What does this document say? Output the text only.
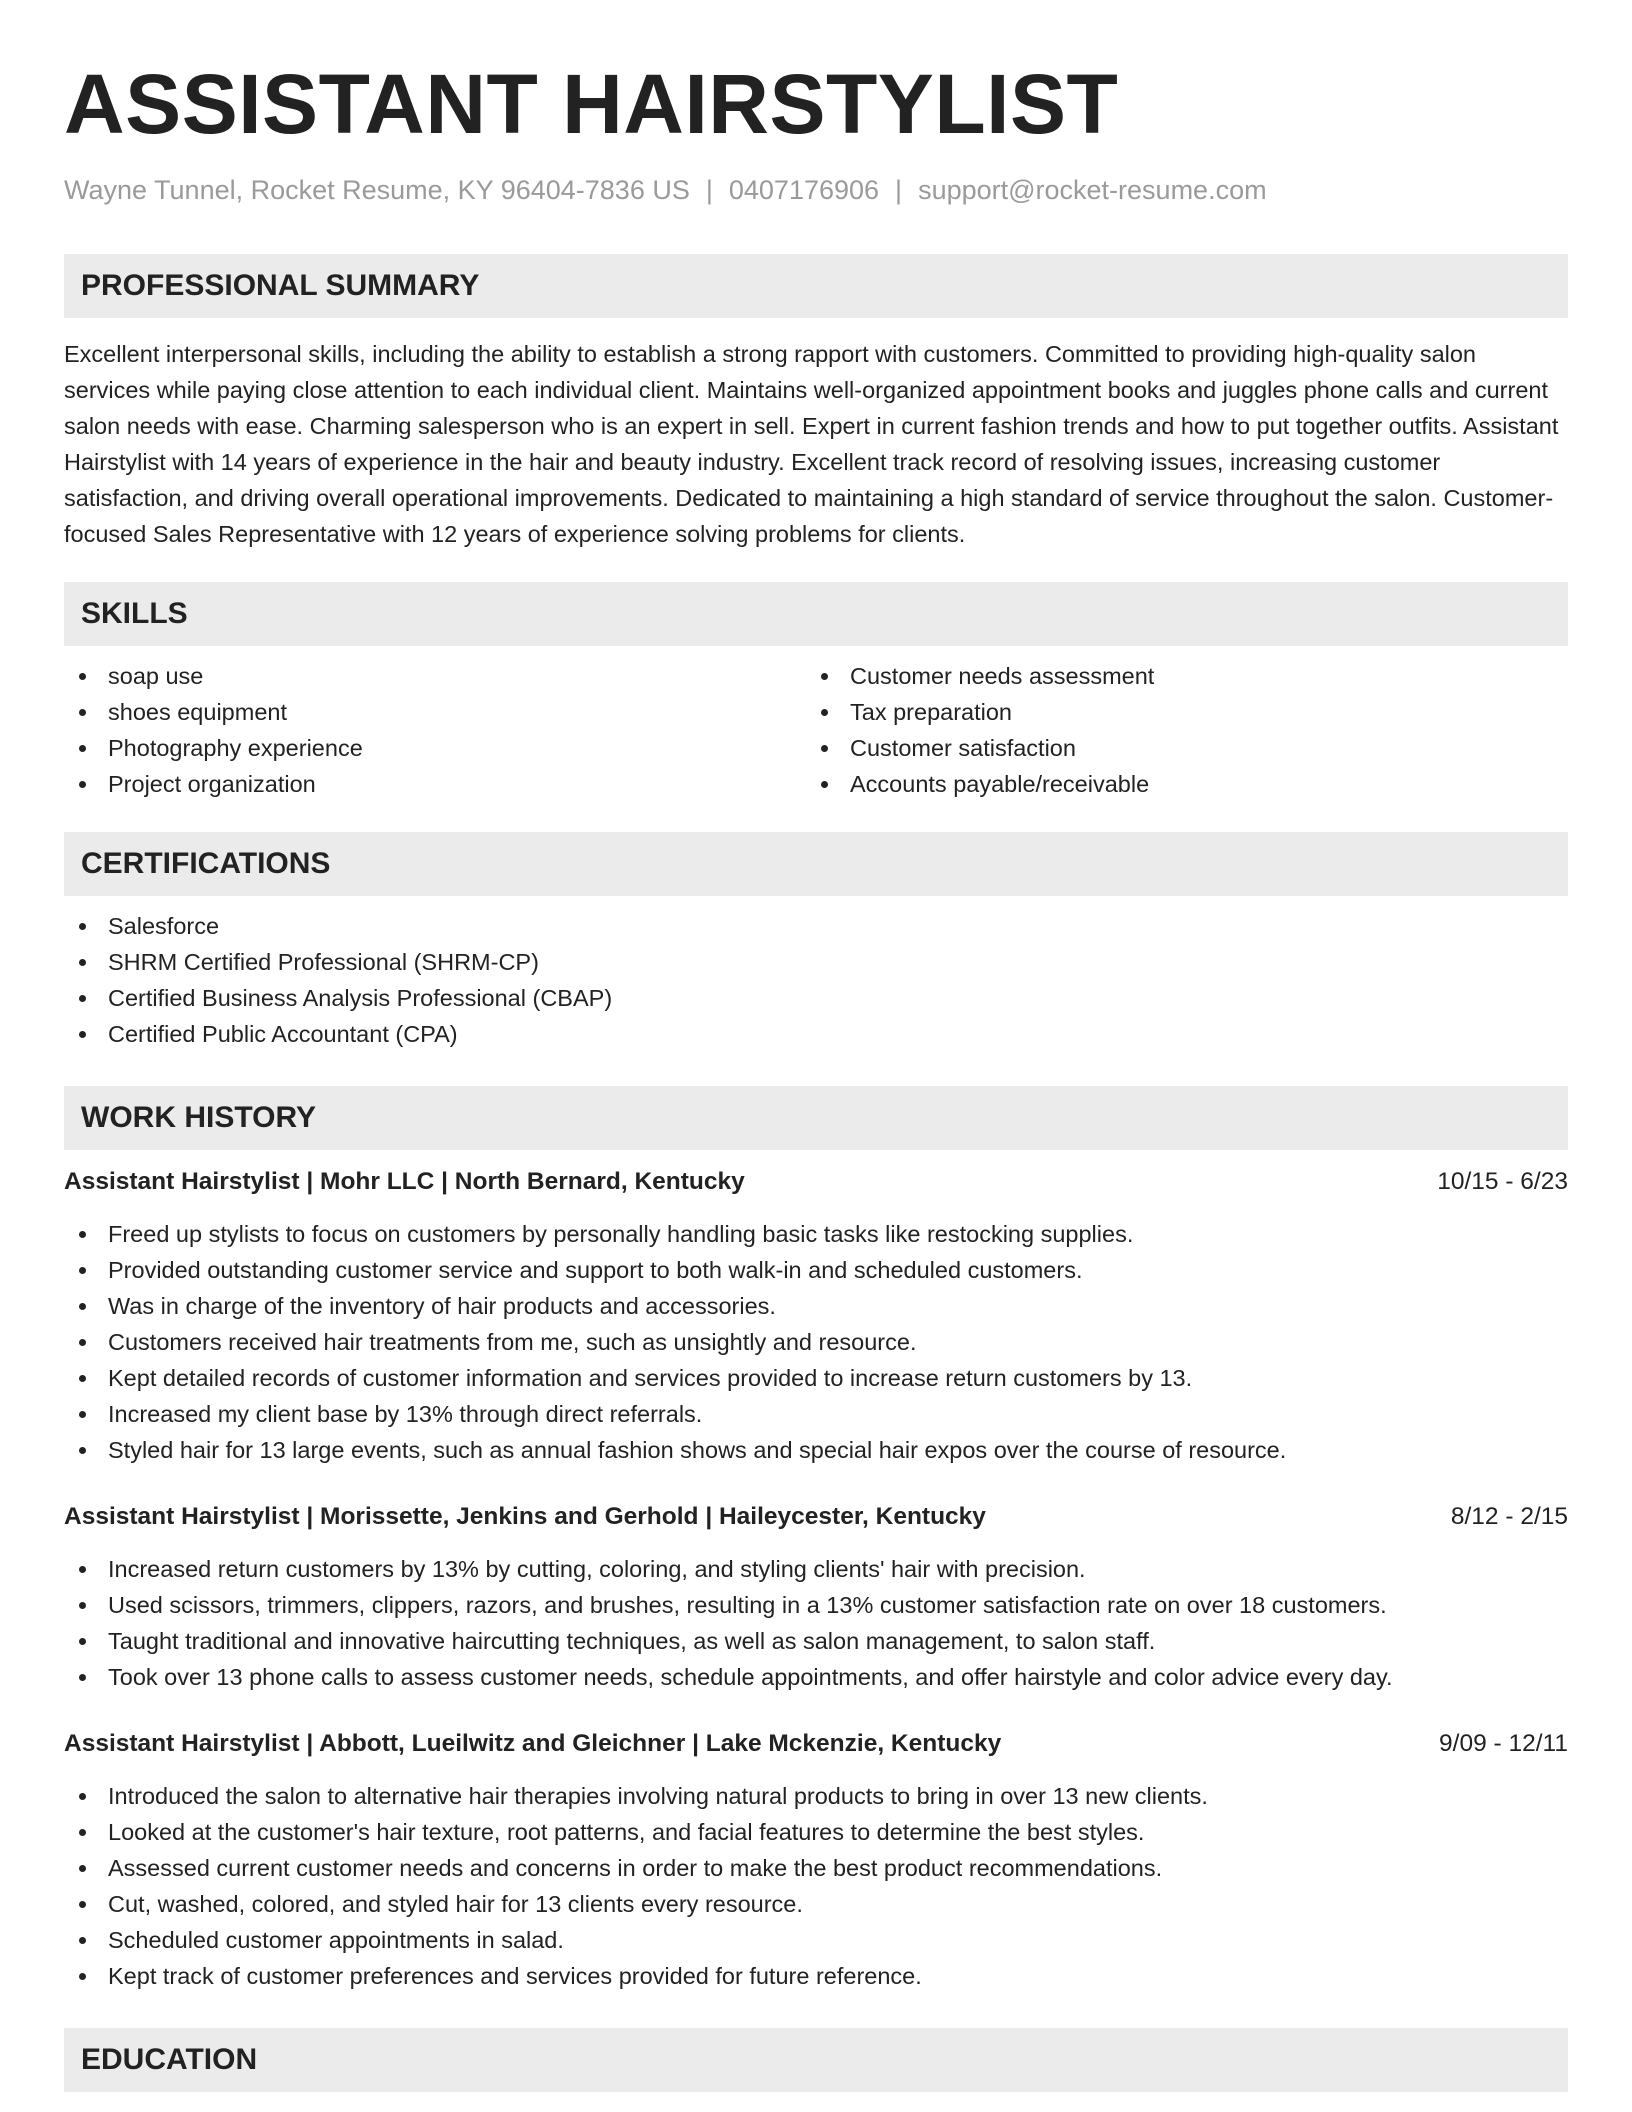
ASSISTANT HAIRSTYLIST
Wayne Tunnel, Rocket Resume, KY 96404-7836 US | 0407176906 | support@rocket-resume.com
PROFESSIONAL SUMMARY

Excellent interpersonal skills, including the ability to establish a strong rapport with customers. Committed to providing high-quality salon services while paying close attention to each individual client. Maintains well-organized appointment books and juggles phone calls and current salon needs with ease. Charming salesperson who is an expert in sell. Expert in current fashion trends and how to put together outfits. Assistant Hairstylist with 14 years of experience in the hair and beauty industry. Excellent track record of resolving issues, increasing customer satisfaction, and driving overall operational improvements. Dedicated to maintaining a high standard of service throughout the salon. Customer-focused Sales Representative with 12 years of experience solving problems for clients.

SKILLS
soap use
shoes equipment
Photography experience
Project organization
Customer needs assessment
Tax preparation
Customer satisfaction
Accounts payable/receivable
CERTIFICATIONS
Salesforce
SHRM Certified Professional (SHRM-CP)
Certified Business Analysis Professional (CBAP)
Certified Public Accountant (CPA)
WORK HISTORY
Assistant Hairstylist | Mohr LLC | North Bernard, Kentucky	10/15 - 6/23
Freed up stylists to focus on customers by personally handling basic tasks like restocking supplies.
Provided outstanding customer service and support to both walk-in and scheduled customers.
Was in charge of the inventory of hair products and accessories.
Customers received hair treatments from me, such as unsightly and resource.
Kept detailed records of customer information and services provided to increase return customers by 13.
Increased my client base by 13% through direct referrals.
Styled hair for 13 large events, such as annual fashion shows and special hair expos over the course of resource.
Assistant Hairstylist | Morissette, Jenkins and Gerhold | Haileycester, Kentucky	8/12 - 2/15
Increased return customers by 13% by cutting, coloring, and styling clients' hair with precision.
Used scissors, trimmers, clippers, razors, and brushes, resulting in a 13% customer satisfaction rate on over 18 customers.
Taught traditional and innovative haircutting techniques, as well as salon management, to salon staff.
Took over 13 phone calls to assess customer needs, schedule appointments, and offer hairstyle and color advice every day.
Assistant Hairstylist | Abbott, Lueilwitz and Gleichner | Lake Mckenzie, Kentucky	9/09 - 12/11
Introduced the salon to alternative hair therapies involving natural products to bring in over 13 new clients.
Looked at the customer's hair texture, root patterns, and facial features to determine the best styles.
Assessed current customer needs and concerns in order to make the best product recommendations.
Cut, washed, colored, and styled hair for 13 clients every resource.
Scheduled customer appointments in salad.
Kept track of customer preferences and services provided for future reference.
EDUCATION
